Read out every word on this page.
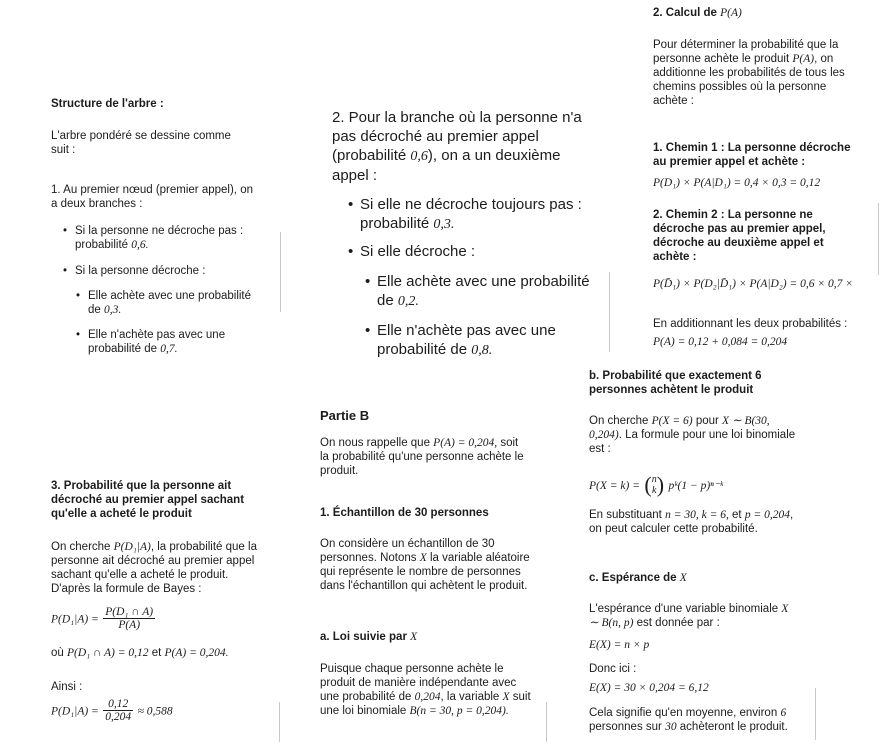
Structure de l'arbre :
L'arbre pondéré se dessine comme suit :
1. Au premier nœud (premier appel), on a deux branches :
• Si la personne ne décroche pas : probabilité 0,6.
• Si la personne décroche :
• Elle achète avec une probabilité de 0,3.
• Elle n'achète pas avec une probabilité de 0,7.
3. Probabilité que la personne ait décroché au premier appel sachant qu'elle a acheté le produit
On cherche P(D₁|A), la probabilité que la personne ait décroché au premier appel sachant qu'elle a acheté le produit. D'après la formule de Bayes :
$P(D_1|A) = \frac{\text{P(D₁ ∩ A)}}{P(A)}$
où P(D₁ ∩ A) = 0,12 et P(A) = 0,204.
Ainsi :
$P(D_1|A) = \frac{0,12}{0,204} \approx 0,588$
2. Pour la branche où la personne n'a pas décroché au premier appel (probabilité 0,6), on a un deuxième appel :
• Si elle ne décroche toujours pas : probabilité 0,3.
• Si elle décroche :
• Elle achète avec une probabilité de 0,2.
• Elle n'achète pas avec une probabilité de 0,8.
Partie B
On nous rappelle que P(A) = 0,204, soit la probabilité qu'une personne achète le produit.
1. Échantillon de 30 personnes
On considère un échantillon de 30 personnes. Notons X la variable aléatoire qui représente le nombre de personnes dans l'échantillon qui achètent le produit.
a. Loi suivie par X
Puisque chaque personne achète le produit de manière indépendante avec une probabilité de 0,204, la variable X suit une loi binomiale B(n = 30, p = 0,204).
2. Calcul de P(A)
Pour déterminer la probabilité que la personne achète le produit P(A), on additionne les probabilités de tous les chemins possibles où la personne achète :
1. Chemin 1 : La personne décroche au premier appel et achète :
P(D₁) × P(A|D₁) = 0,4 × 0,3 = 0,12
2. Chemin 2 : La personne ne décroche pas au premier appel, décroche au deuxième appel et achète :
P(D̄₁) × P(D₂|D̄₁) × P(A|D₂) = 0,6 × 0,7 ×
En additionnant les deux probabilités :
P(A) = 0,12 + 0,084 = 0,204
b. Probabilité que exactement 6 personnes achètent le produit
On cherche P(X = 6) pour X ∼ B(30, 0,204). La formule pour une loi binomiale est :
P(X = k) = ( n
k ) pᵏ(1 − p)ⁿ⁻ᵏ
En substituant n = 30, k = 6, et p = 0,204, on peut calculer cette probabilité.
c. Espérance de X
L'espérance d'une variable binomiale X ∼ B(n, p) est donnée par :
E(X) = n × p
Donc ici :
E(X) = 30 × 0,204 = 6,12
Cela signifie qu'en moyenne, environ 6 personnes sur 30 achèteront le produit.
